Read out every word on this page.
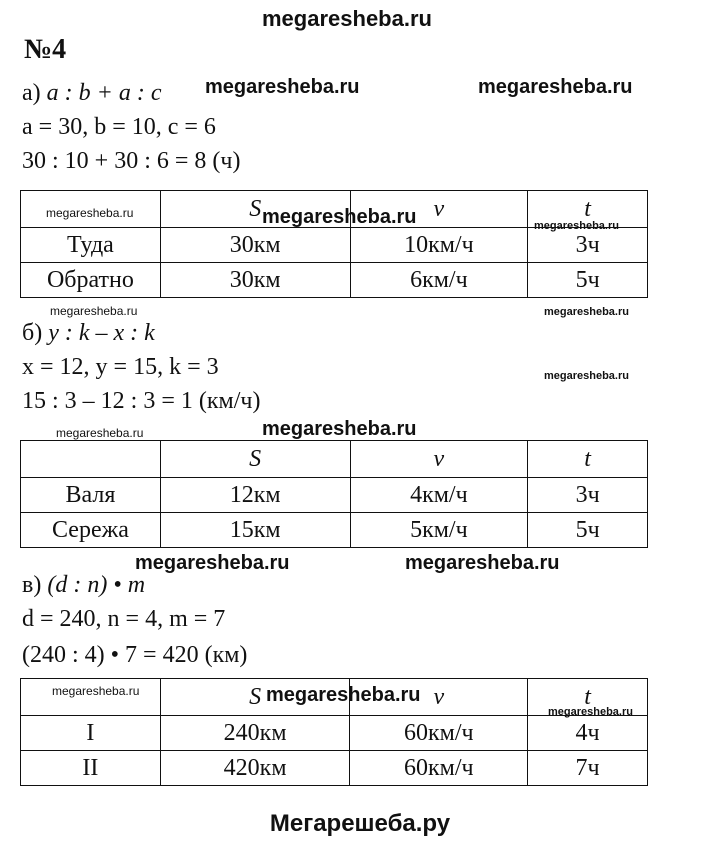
megaresheba.ru
№4
а) a : b + a : c megaresheba.ru	megaresheba.ru
a = 30, b = 10, c = 6
30 : 10 + 30 : 6 = 8 (ч)
	S	v	t
Туда	30км	10км/ч	3ч
Обратно	30км	6км/ч	5ч
megaresheba.ru	megaresheba.ru	megaresheba.ru
megaresheba.ru	megaresheba.ru
б) y : k – x : k
x = 12, y = 15, k = 3	megaresheba.ru
15 : 3 – 12 : 3 = 1 (км/ч)
megaresheba.ru	megaresheba.ru
	S	v	t
Валя	12км	4км/ч	3ч
Сережа	15км	5км/ч	5ч
megaresheba.ru	megaresheba.ru
в) (d : n) • m
d = 240, n = 4, m = 7
(240 : 4) • 7 = 420 (км)
	S	v	t
I	240км	60км/ч	4ч
II	420км	60км/ч	7ч
megaresheba.ru	megaresheba.ru
megaresheba.ru
Мегарешеба.ру
